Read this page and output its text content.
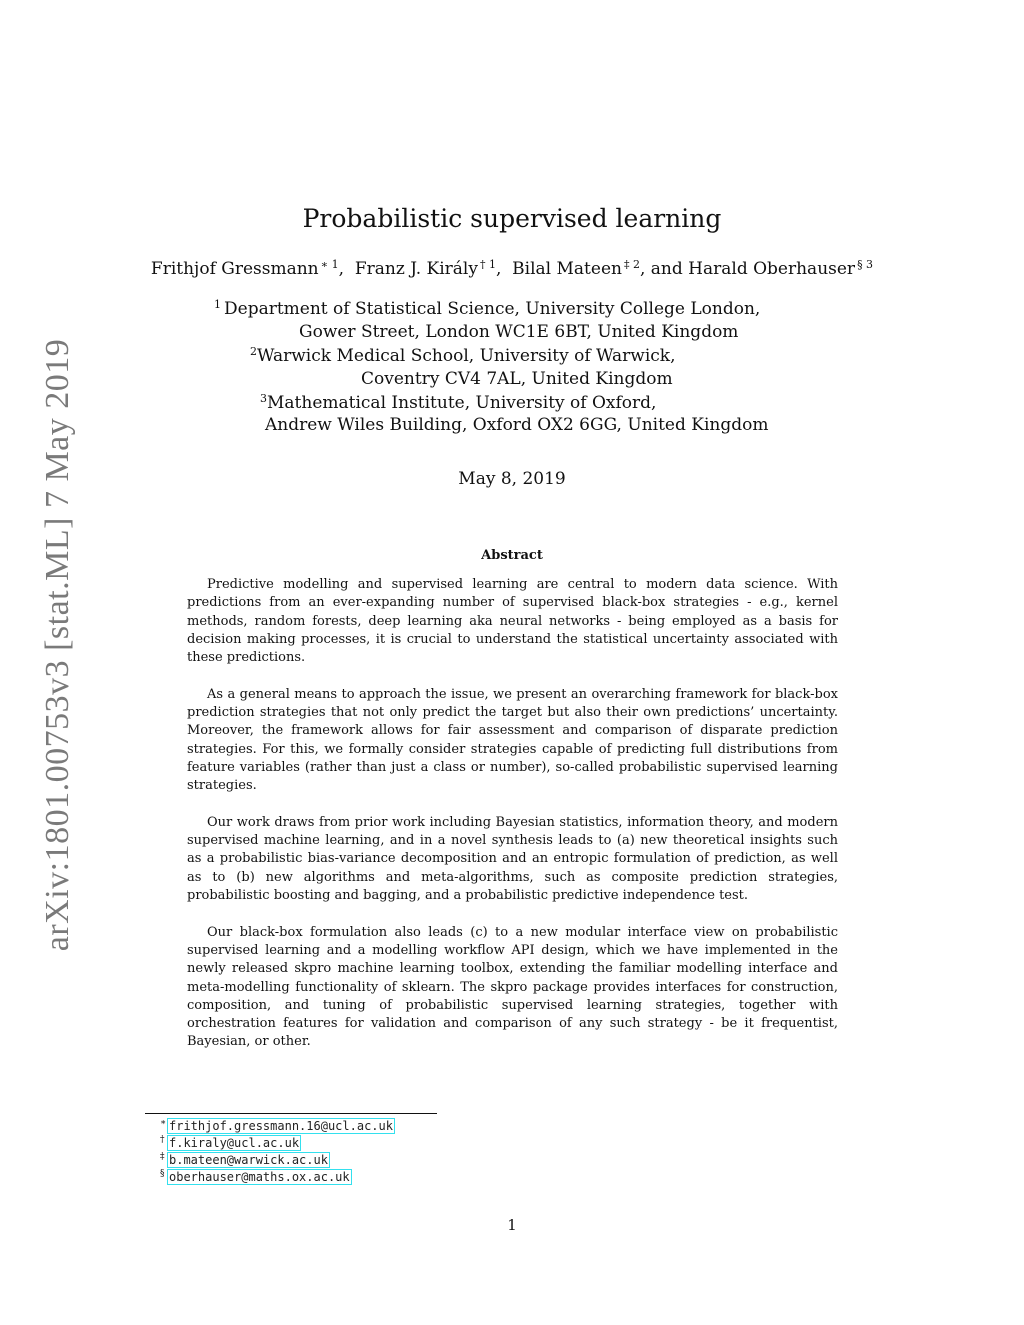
arXiv:1801.00753v3 [stat.ML] 7 May 2019
Probabilistic supervised learning
Frithjof Gressmann $^{∗ 1}$,  Franz J. Király $^{\dagger 1}$,  Bilal Mateen $^{\ddagger 2}$, and Harald Oberhauser $^{\S 3}$
$^1$ Department of Statistical Science, University College London,
Gower Street, London WC1E 6BT, United Kingdom
$^2$Warwick Medical School, University of Warwick,
Coventry CV4 7AL, United Kingdom
$^3$Mathematical Institute, University of Oxford,
Andrew Wiles Building, Oxford OX2 6GG, United Kingdom
May 8, 2019
Abstract

Predictive modelling and supervised learning are central to modern data science. With predictions from an ever-expanding number of supervised black-box strategies - e.g., kernel methods, random forests, deep learning aka neural networks - being employed as a basis for decision making processes, it is crucial to understand the statistical uncertainty associated with these predictions.

As a general means to approach the issue, we present an overarching framework for black-box prediction strategies that not only predict the target but also their own predictions’ uncertainty. Moreover, the framework allows for fair assessment and comparison of disparate prediction strategies. For this, we formally consider strategies capable of predicting full distributions from feature variables (rather than just a class or number), so-called probabilistic supervised learning strategies.

Our work draws from prior work including Bayesian statistics, information theory, and modern supervised machine learning, and in a novel synthesis leads to (a) new theoretical insights such as a probabilistic bias-variance decomposition and an entropic formulation of prediction, as well as to (b) new algorithms and meta-algorithms, such as composite prediction strategies, probabilistic boosting and bagging, and a probabilistic predictive independence test.

Our black-box formulation also leads (c) to a new modular interface view on probabilistic supervised learning and a modelling workflow API design, which we have implemented in the newly released skpro machine learning toolbox, extending the familiar modelling interface and meta-modelling functionality of sklearn. The skpro package provides interfaces for construction, composition, and tuning of probabilistic supervised learning strategies, together with orchestration features for validation and comparison of any such strategy - be it frequentist, Bayesian, or other.

∗ frithjof.gressmann.16@ucl.ac.uk
† f.kiraly@ucl.ac.uk
‡ b.mateen@warwick.ac.uk
§ oberhauser@maths.ox.ac.uk
1
